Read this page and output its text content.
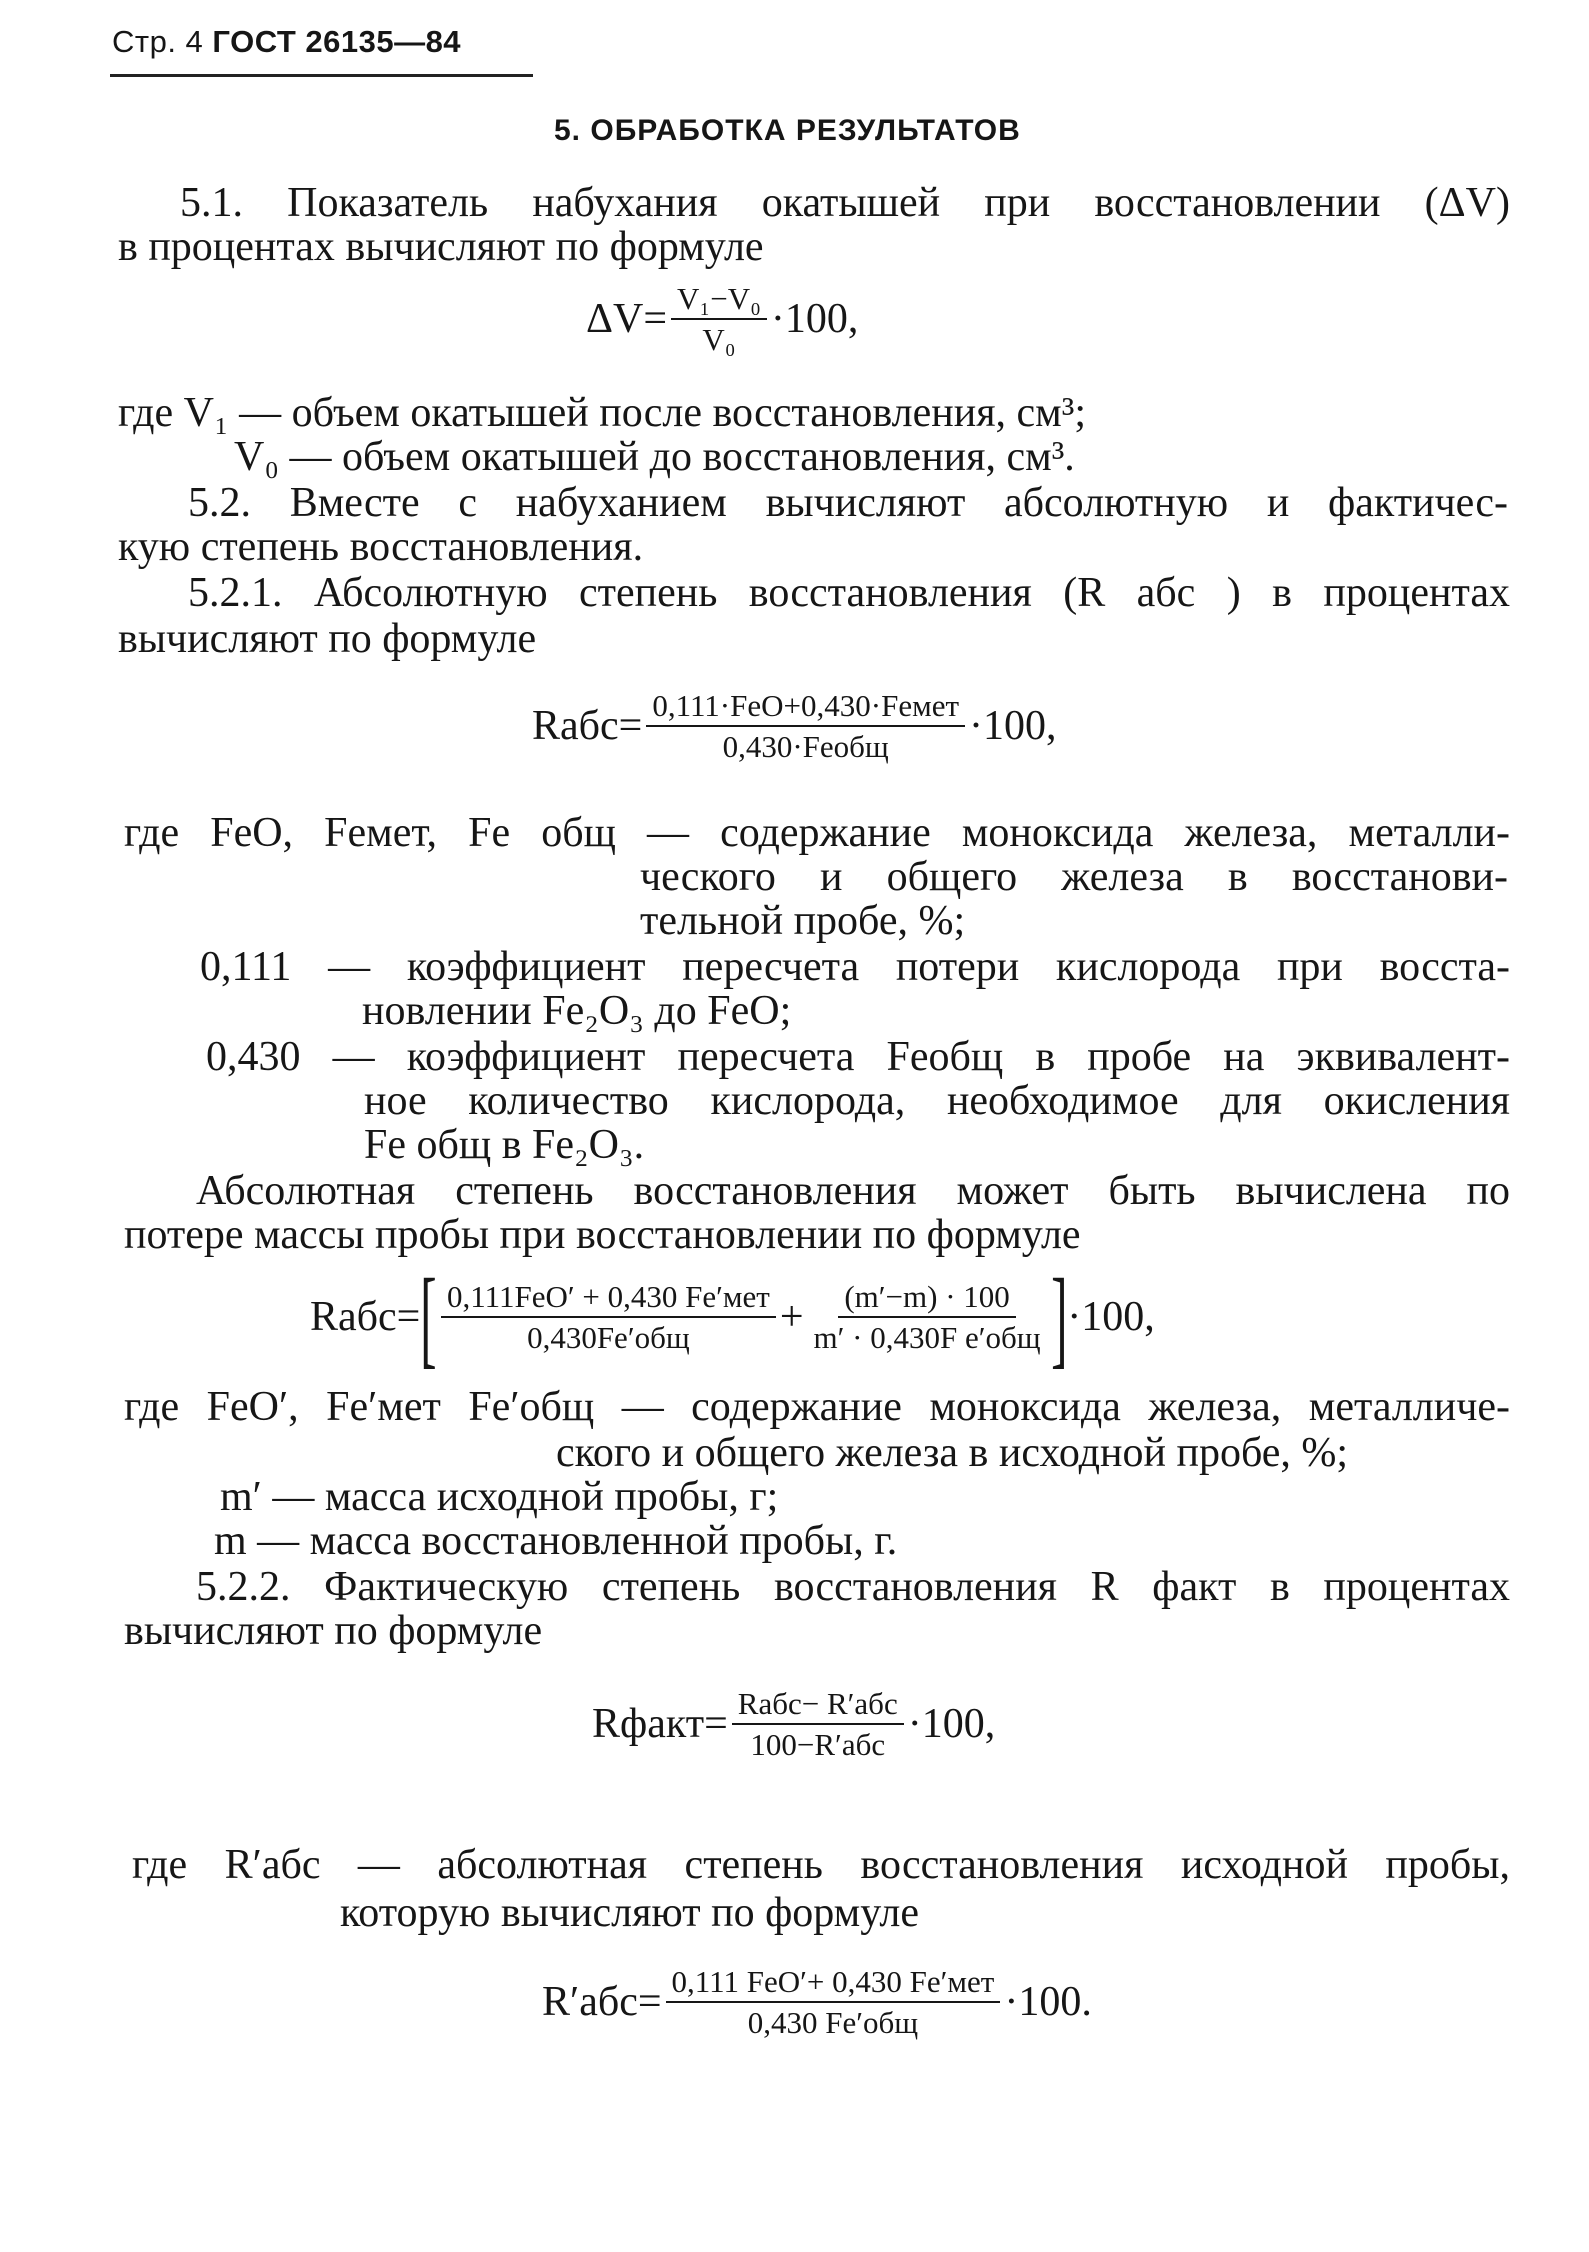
Стр. 4 ГОСТ 26135—84
5. ОБРАБОТКА РЕЗУЛЬТАТОВ
5.1. Показатель набухания окатышей при восстановлении (ΔV)
в процентах вычисляют по формуле
$\Delta V= \frac{\text{V₁−V₀}}{\text{V₀}} \cdot 100$,
где V₁ — объем окатышей после восстановления, см³;
V₀ — объем окатышей до восстановления, см³.
5.2. Вместе с набуханием вычисляют абсолютную и фактичес-
кую степень восстановления.
5.2.1. Абсолютную степень восстановления (R абс ) в процентах
вычисляют по формуле
Rабс= $\frac{\text{0,111·FeO+0,430·Feмет}}{\text{0,430·Feобщ}} \cdot 100$,
где FeO, Feмет, Fe общ — содержание моноксида железа, металли-
ческого и общего железа в восстанови-
тельной пробе, %;
0,111 — коэффициент пересчета потери кислорода при восста-
новлении Fe₂O₃ до FeO;
0,430 — коэффициент пересчета Feобщ в пробе на эквивалент-
ное количество кислорода, необходимое для окисления
Fe общ в Fe₂O₃.
Абсолютная степень восстановления может быть вычислена по
потере массы пробы при восстановлении по формуле
Rабс= [ $\frac{\text{0,111FeO′ + 0,430 Fe′мет}}{\text{0,430Fe′общ}} + \frac{(m'-m) \cdot 100}{\text{m′ · 0,430F e′общ}}$ ] ·100,
где FeO′, Fe′мет Fe′общ — содержание моноксида железа, металличе-
ского и общего железа в исходной пробе, %;
m′ — масса исходной пробы, г;
m — масса восстановленной пробы, г.
5.2.2. Фактическую степень восстановления R факт в процентах
вычисляют по формуле
Rфакт= $\frac{\text{Rабс− R′абс}}{\text{100−R′абс}} \cdot 100$,
где R′абс — абсолютная степень восстановления исходной пробы,
которую вычисляют по формуле
$R'абс= \frac{\text{0,111 FeO′+ 0,430 Fe′мет}}{\text{0,430 Fe′общ}} \cdot 100$.
